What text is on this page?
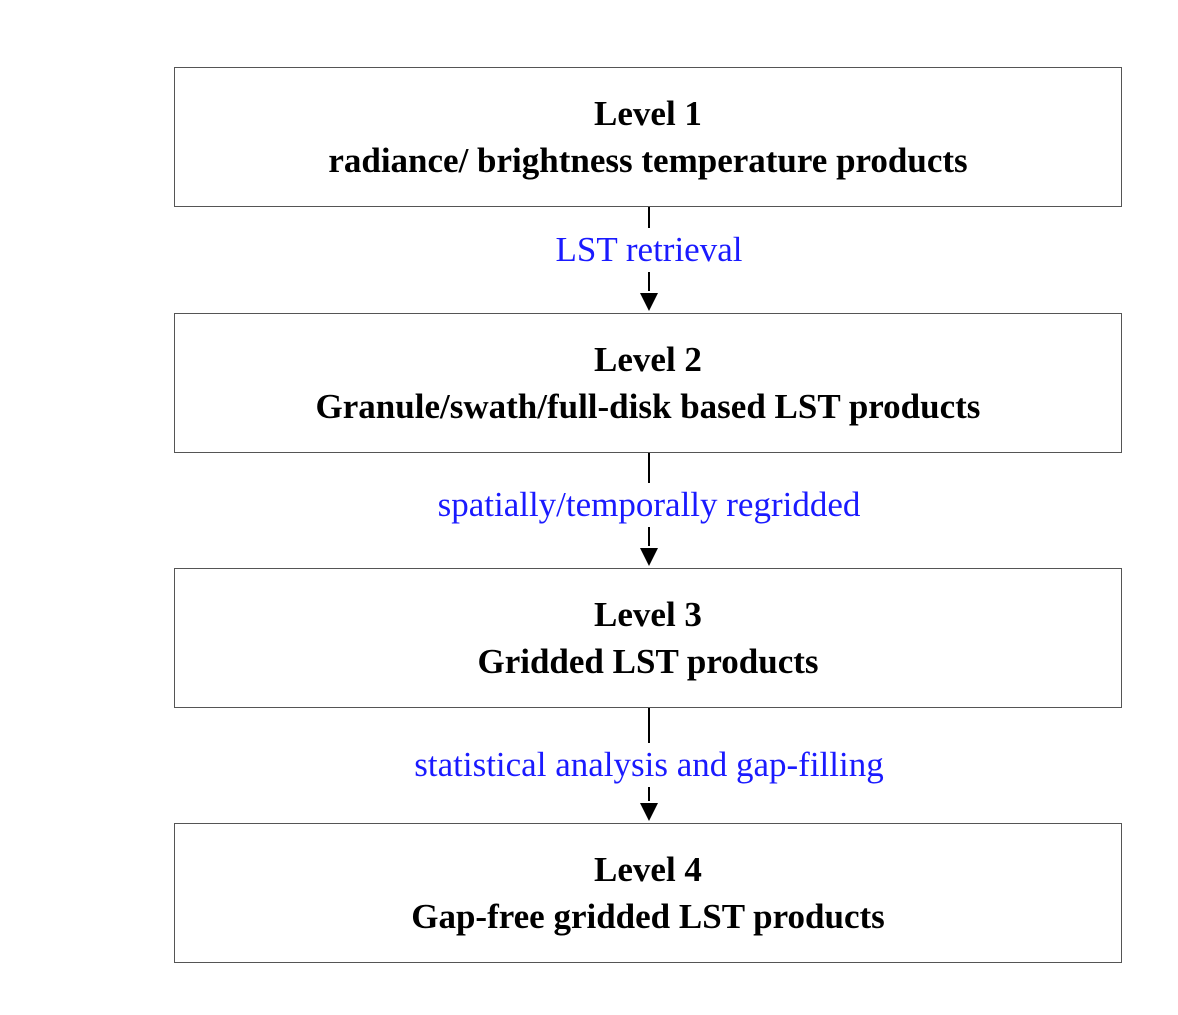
Level 1
radiance/ brightness temperature products
LST retrieval
Level 2
Granule/swath/full-disk based LST products
spatially/temporally regridded
Level 3
Gridded LST products
statistical analysis and gap-filling
Level 4
Gap-free gridded LST products
